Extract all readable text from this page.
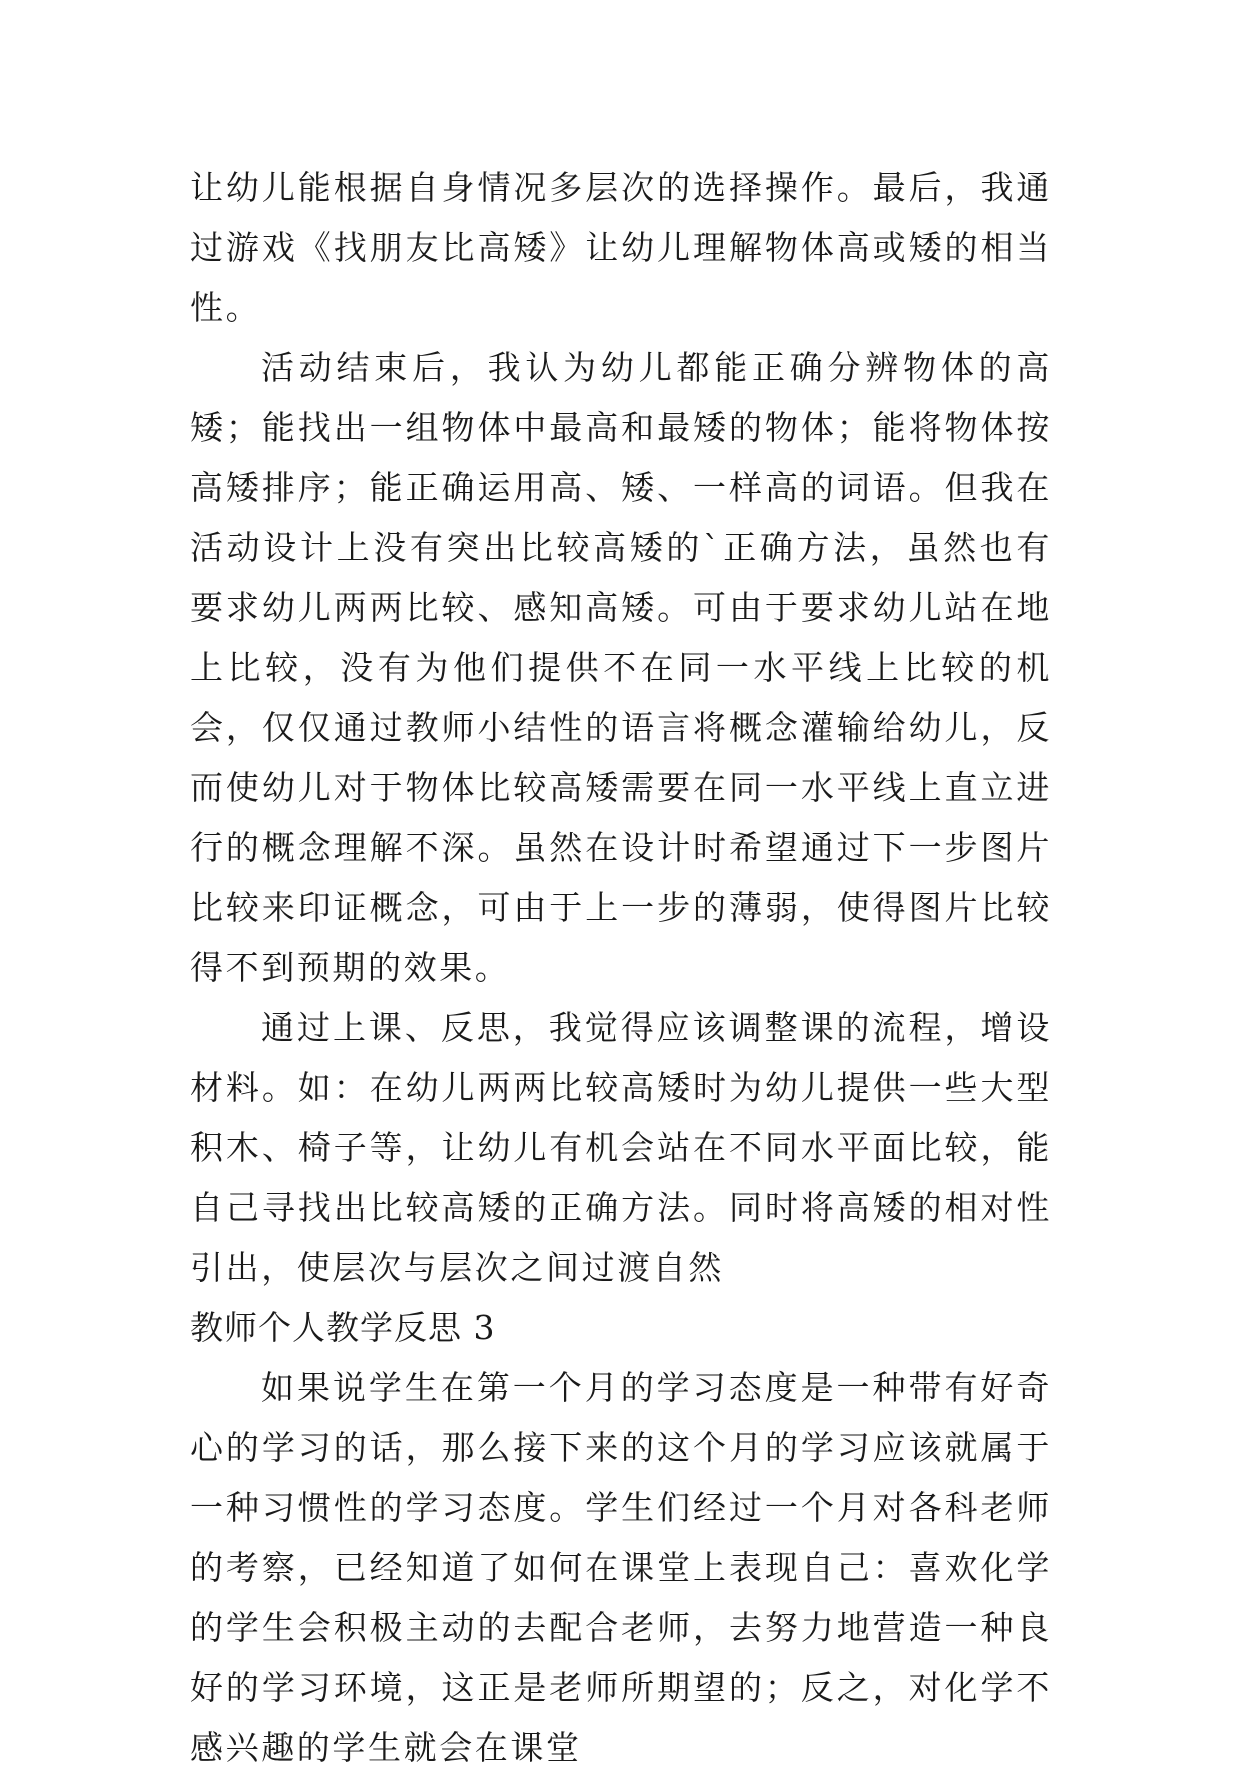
让幼儿能根据自身情况多层次的选择操作。最后，我通过游戏《找朋友比高矮》让幼儿理解物体高或矮的相当性。

活动结束后，我认为幼儿都能正确分辨物体的高矮；能找出一组物体中最高和最矮的物体；能将物体按高矮排序；能正确运用高、矮、一样高的词语。但我在活动设计上没有突出比较高矮的`正确方法，虽然也有要求幼儿两两比较、感知高矮。可由于要求幼儿站在地上比较，没有为他们提供不在同一水平线上比较的机会，仅仅通过教师小结性的语言将概念灌输给幼儿，反而使幼儿对于物体比较高矮需要在同一水平线上直立进行的概念理解不深。虽然在设计时希望通过下一步图片比较来印证概念，可由于上一步的薄弱，使得图片比较得不到预期的效果。

通过上课、反思，我觉得应该调整课的流程，增设材料。如：在幼儿两两比较高矮时为幼儿提供一些大型积木、椅子等，让幼儿有机会站在不同水平面比较，能自己寻找出比较高矮的正确方法。同时将高矮的相对性引出，使层次与层次之间过渡自然

教师个人教学反思 3

如果说学生在第一个月的学习态度是一种带有好奇心的学习的话，那么接下来的这个月的学习应该就属于一种习惯性的学习态度。学生们经过一个月对各科老师的考察，已经知道了如何在课堂上表现自己：喜欢化学的学生会积极主动的去配合老师，去努力地营造一种良好的学习环境，这正是老师所期望的；反之，对化学不感兴趣的学生就会在课堂
